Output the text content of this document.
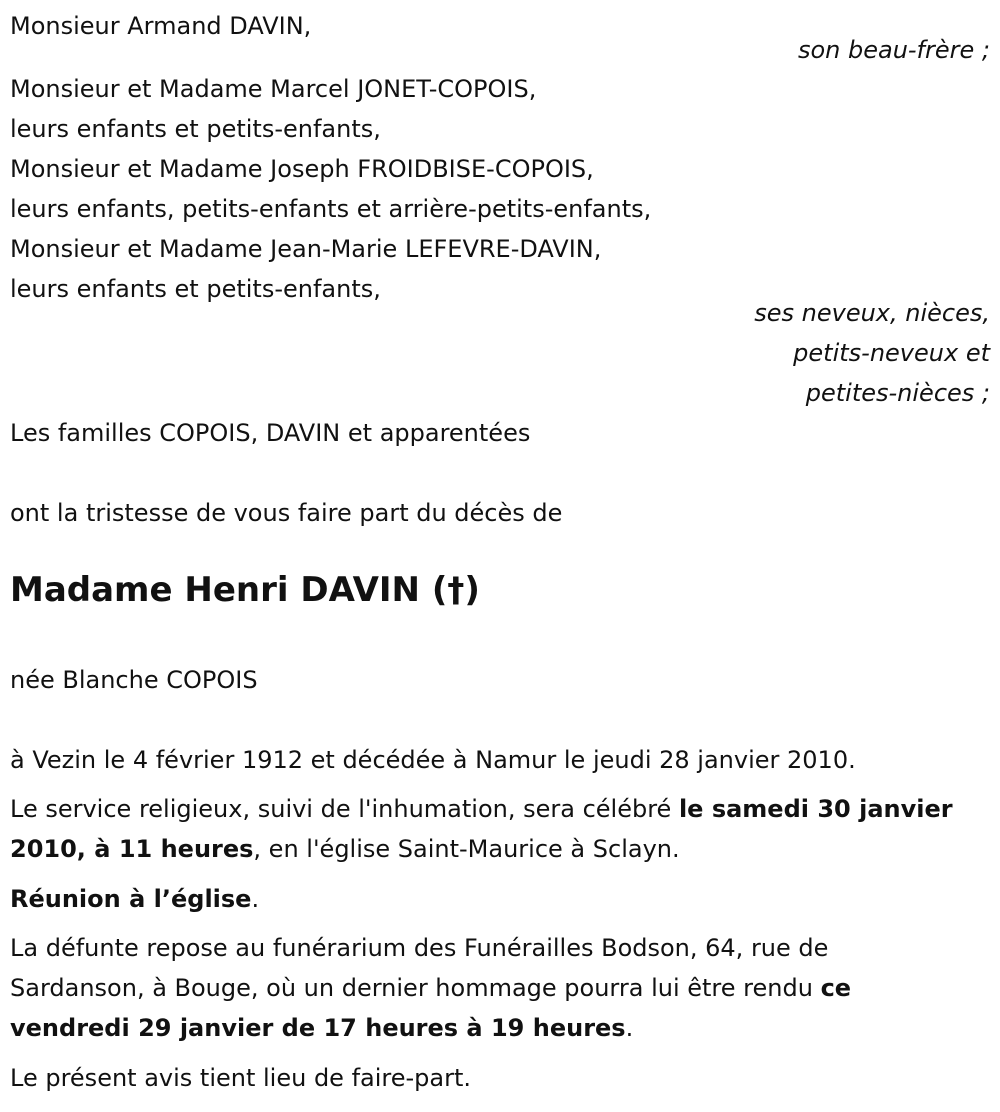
Monsieur Armand DAVIN,
son beau-frère ;
Monsieur et Madame Marcel JONET-COPOIS,
leurs enfants et petits-enfants,
Monsieur et Madame Joseph FROIDBISE-COPOIS,
leurs enfants, petits-enfants et arrière-petits-enfants,
Monsieur et Madame Jean-Marie LEFEVRE-DAVIN,
leurs enfants et petits-enfants,
ses neveux, nièces,
petits-neveux et
petites-nièces ;
Les familles COPOIS, DAVIN et apparentées
ont la tristesse de vous faire part du décès de
Madame Henri DAVIN (†)
née Blanche COPOIS
à Vezin le 4 février 1912 et décédée à Namur le jeudi 28 janvier 2010.
Le service religieux, suivi de l'inhumation, sera célébré le samedi 30 janvier 2010, à 11 heures, en l'église Saint-Maurice à Sclayn.
Réunion à l’église.
La défunte repose au funérarium des Funérailles Bodson, 64, rue de Sardanson, à Bouge, où un dernier hommage pourra lui être rendu ce vendredi 29 janvier de 17 heures à 19 heures.
Le présent avis tient lieu de faire-part.
